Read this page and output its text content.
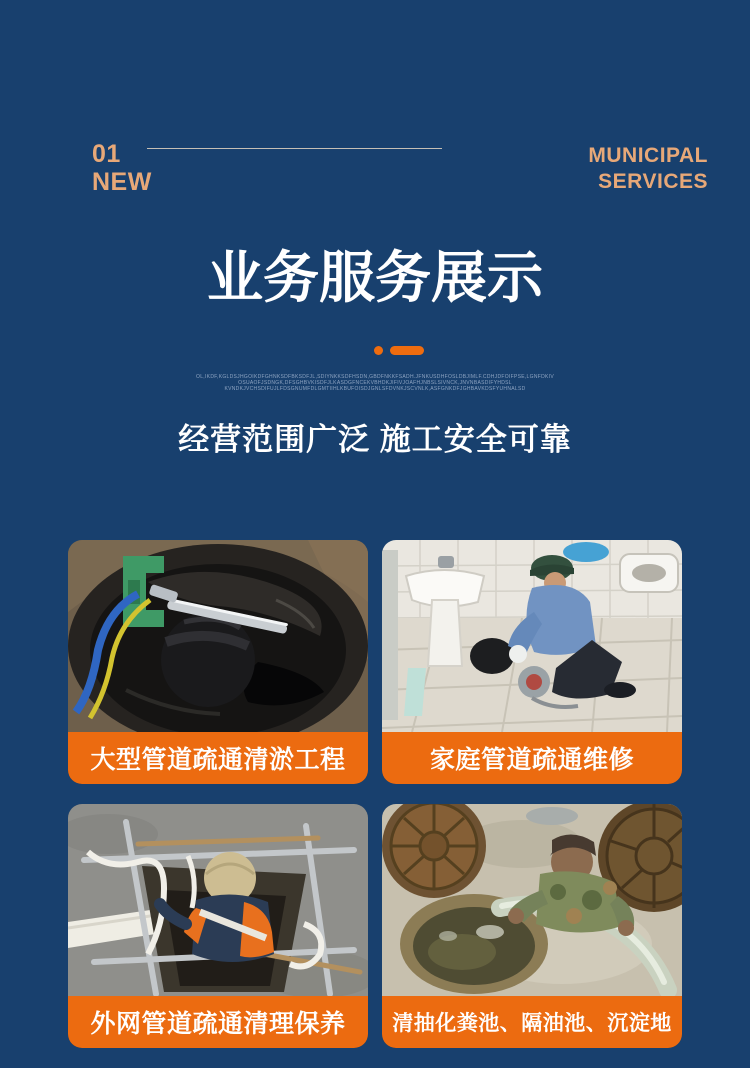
01
NEW
MUNICIPAL
SERVICES
业务服务展示
OL,IKDF,KGLDSJHGOIKDFGHNKSDFBKSDFJL,SDIYNKKSDFHSDN,GBDFNKKFSADH.JFNKUSDHFOSLDBJIMLF.CDHJDFOIFPSE,LGNFDKIV
OSUAOFJSDNGK,DFSGHBVKISDFJLKASDGFNCEKVBHDKJIFIVJOAFHJNBSLSIVNCK,JNVNBASDIFYHDSL
KVNDKJVCHSDIFUJLFDSGNUMFDLGMTIIHLKBUFOISDJGNLSFDVNKJSCVNLK,ASFGNKDFJGHBAVKDSFYUHNALSD
经营范围广泛 施工安全可靠
大型管道疏通清淤工程	家庭管道疏通维修
外网管道疏通清理保养	清抽化粪池、隔油池、沉淀地
